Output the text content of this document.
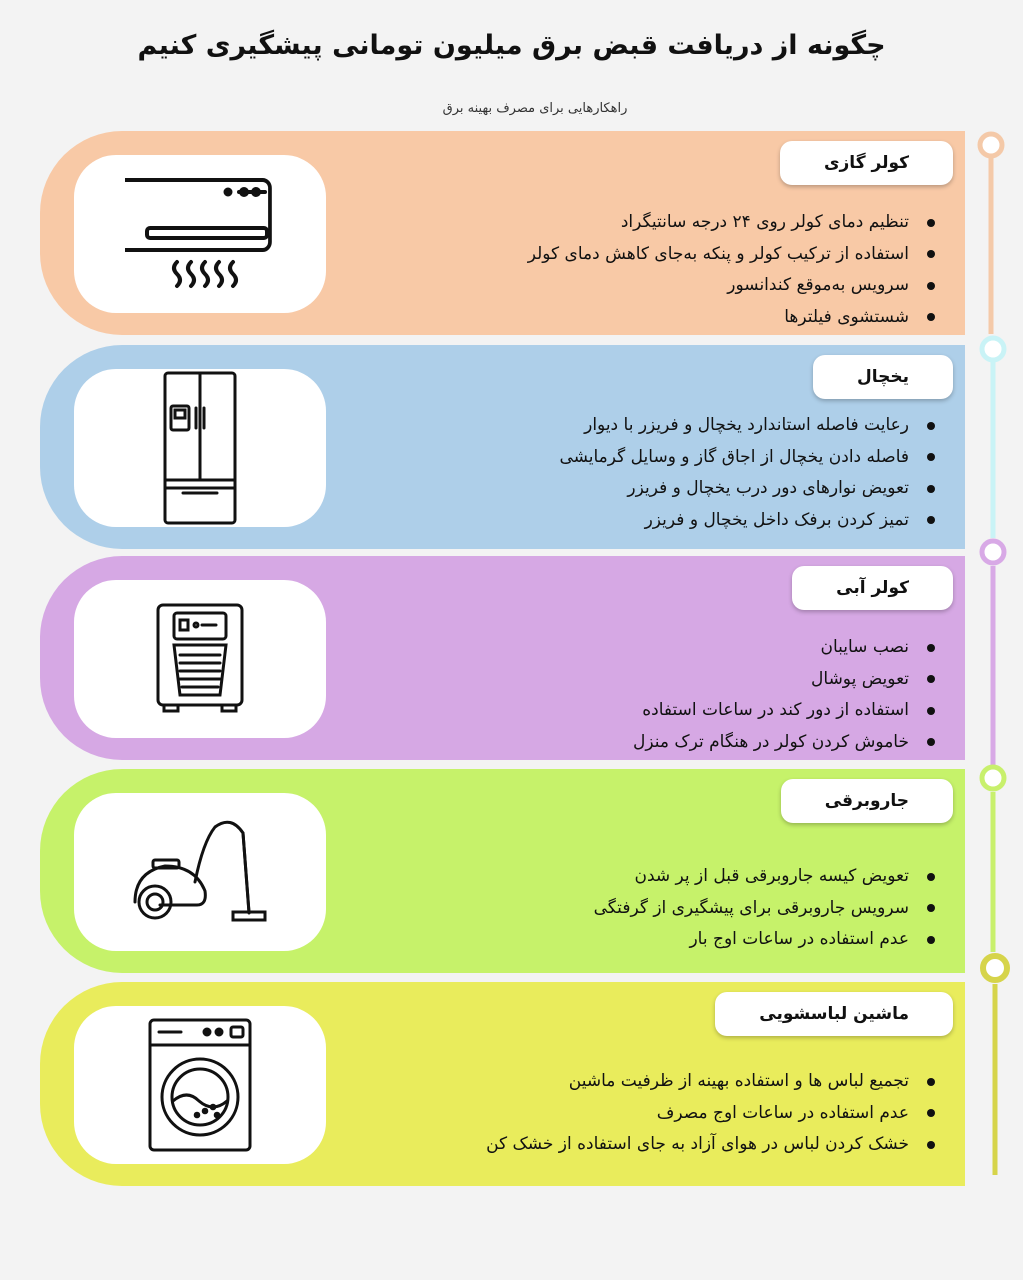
چگونه از دریافت قبض برق میلیون تومانی پیشگیری کنیم
راهکارهایی برای مصرف بهینه برق
کولر گازی
تنظیم دمای کولر روی ۲۴ درجه سانتیگراد
استفاده از ترکیب کولر و پنکه به‌جای کاهش دمای کولر
سرویس به‌موقع کندانسور
شستشوی فیلترها
یخچال
رعایت فاصله استاندارد یخچال و فریزر با دیوار
فاصله دادن یخچال از اجاق گاز و وسایل گرمایشی
تعویض نوارهای دور درب یخچال و فریزر
تمیز کردن برفک داخل یخچال و فریزر
کولر آبی
نصب سایبان
تعویض پوشال
استفاده از دور کند در ساعات استفاده
خاموش کردن کولر در هنگام ترک منزل
جاروبرقی
تعویض کیسه جاروبرقی قبل از پر شدن
سرویس جاروبرقی برای پیشگیری از گرفتگی
عدم استفاده در ساعات اوج بار
ماشین لباسشویی
تجمیع لباس ها و استفاده بهینه از ظرفیت ماشین
عدم استفاده در ساعات اوج مصرف
خشک کردن لباس در هوای آزاد به جای استفاده از خشک کن
